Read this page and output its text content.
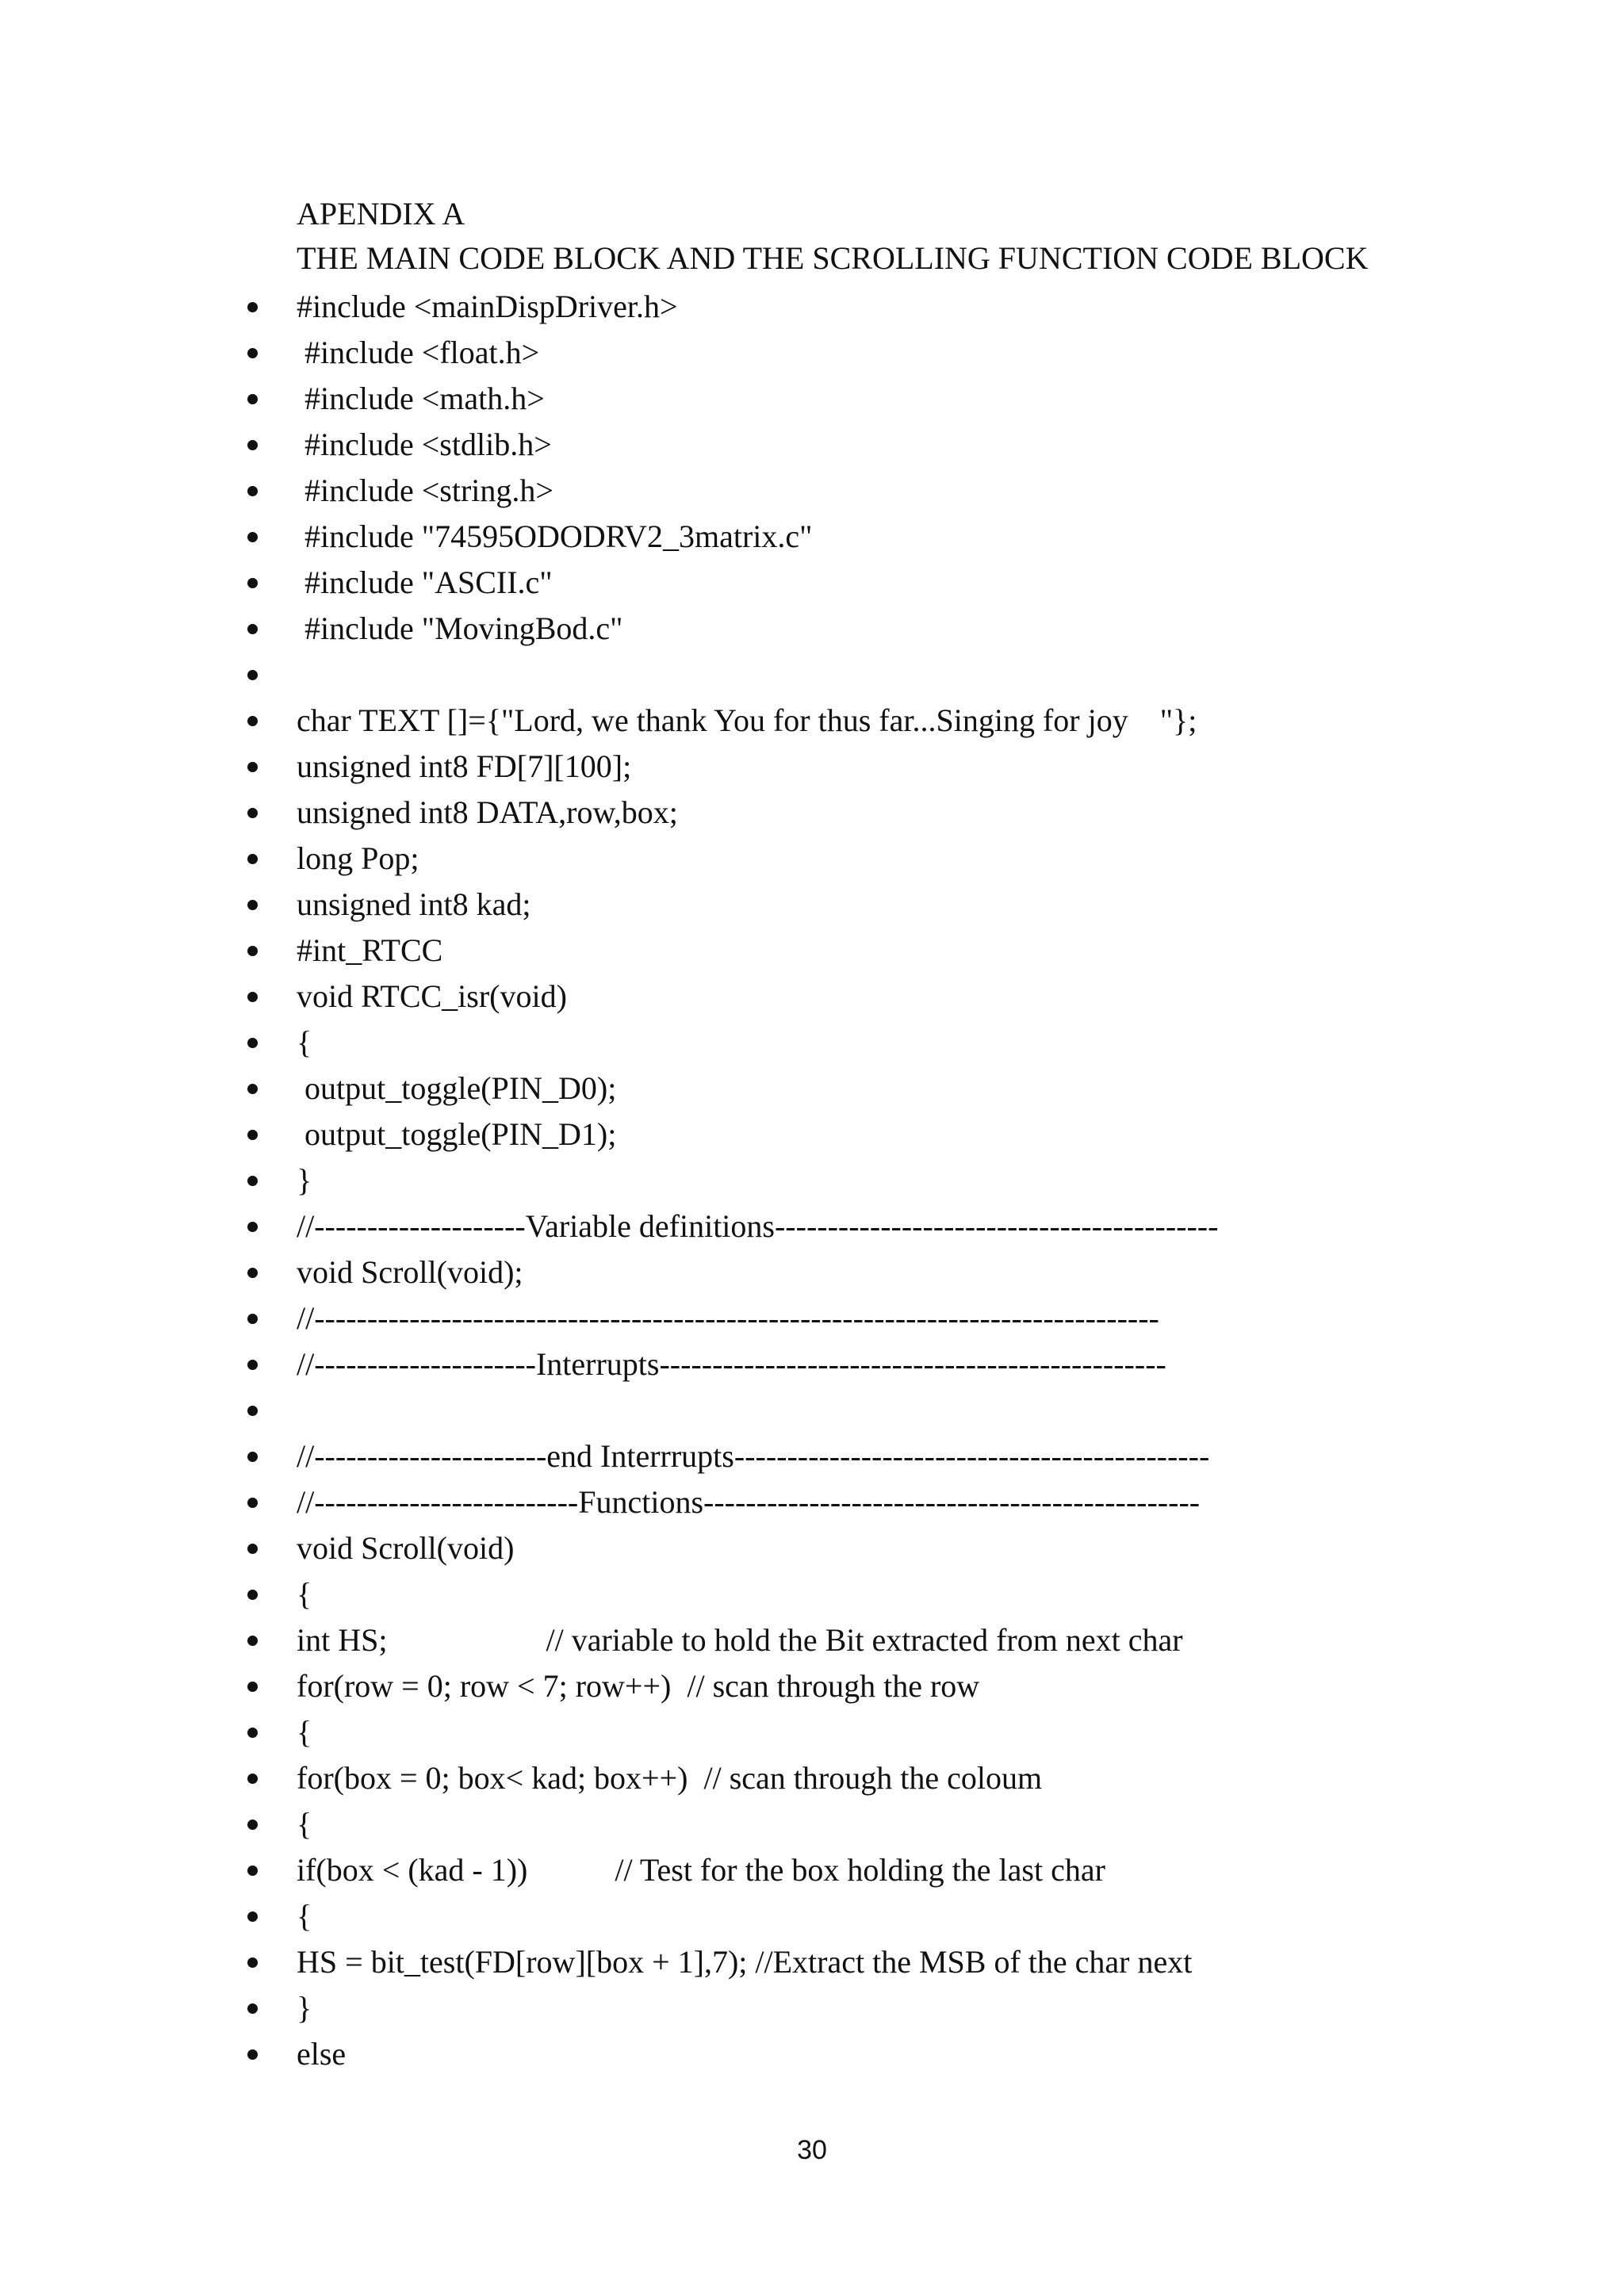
APENDIX A
THE MAIN CODE BLOCK AND THE SCROLLING FUNCTION CODE BLOCK
#include <mainDispDriver.h>
#include <float.h>
#include <math.h>
#include <stdlib.h>
#include <string.h>
#include "74595ODODRV2_3matrix.c"
#include "ASCII.c"
#include "MovingBod.c"
char TEXT []={"Lord, we thank You for thus far...Singing for joy    "};
unsigned int8 FD[7][100];
unsigned int8 DATA,row,box;
long Pop;
unsigned int8 kad;
#int_RTCC
void RTCC_isr(void)
{
output_toggle(PIN_D0);
output_toggle(PIN_D1);
}
//--------------------Variable definitions------------------------------------------
void Scroll(void);
//--------------------------------------------------------------------------------
//---------------------Interrupts------------------------------------------------
//----------------------end Interrrupts---------------------------------------------
//-------------------------Functions-----------------------------------------------
void Scroll(void)
{
int HS;                    // variable to hold the Bit extracted from next char
for(row = 0; row < 7; row++)  // scan through the row
{
for(box = 0; box< kad; box++)  // scan through the coloum
{
if(box < (kad - 1))           // Test for the box holding the last char
{
HS = bit_test(FD[row][box + 1],7); //Extract the MSB of the char next
}
else
30
